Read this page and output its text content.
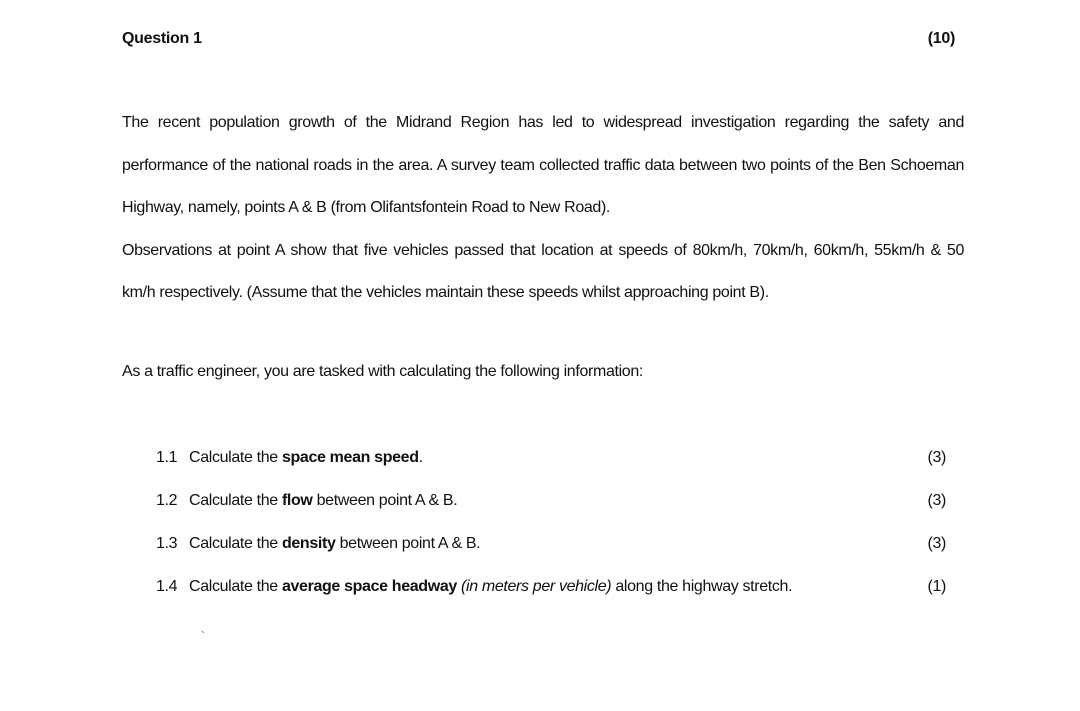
Question 1	(10)

The recent population growth of the Midrand Region has led to widespread investigation regarding the safety and performance of the national roads in the area. A survey team collected traffic data between two points of the Ben Schoeman Highway, namely, points A & B (from Olifantsfontein Road to New Road).

Observations at point A show that five vehicles passed that location at speeds of 80km/h, 70km/h, 60km/h, 55km/h & 50 km/h respectively. (Assume that the vehicles maintain these speeds whilst approaching point B).

As a traffic engineer, you are tasked with calculating the following information:
1.1 Calculate the space mean speed.	(3)
1.2 Calculate the flow between point A & B.	(3)
1.3 Calculate the density between point A & B.	(3)
1.4 Calculate the average space headway (in meters per vehicle) along the highway stretch.	(1)
`
